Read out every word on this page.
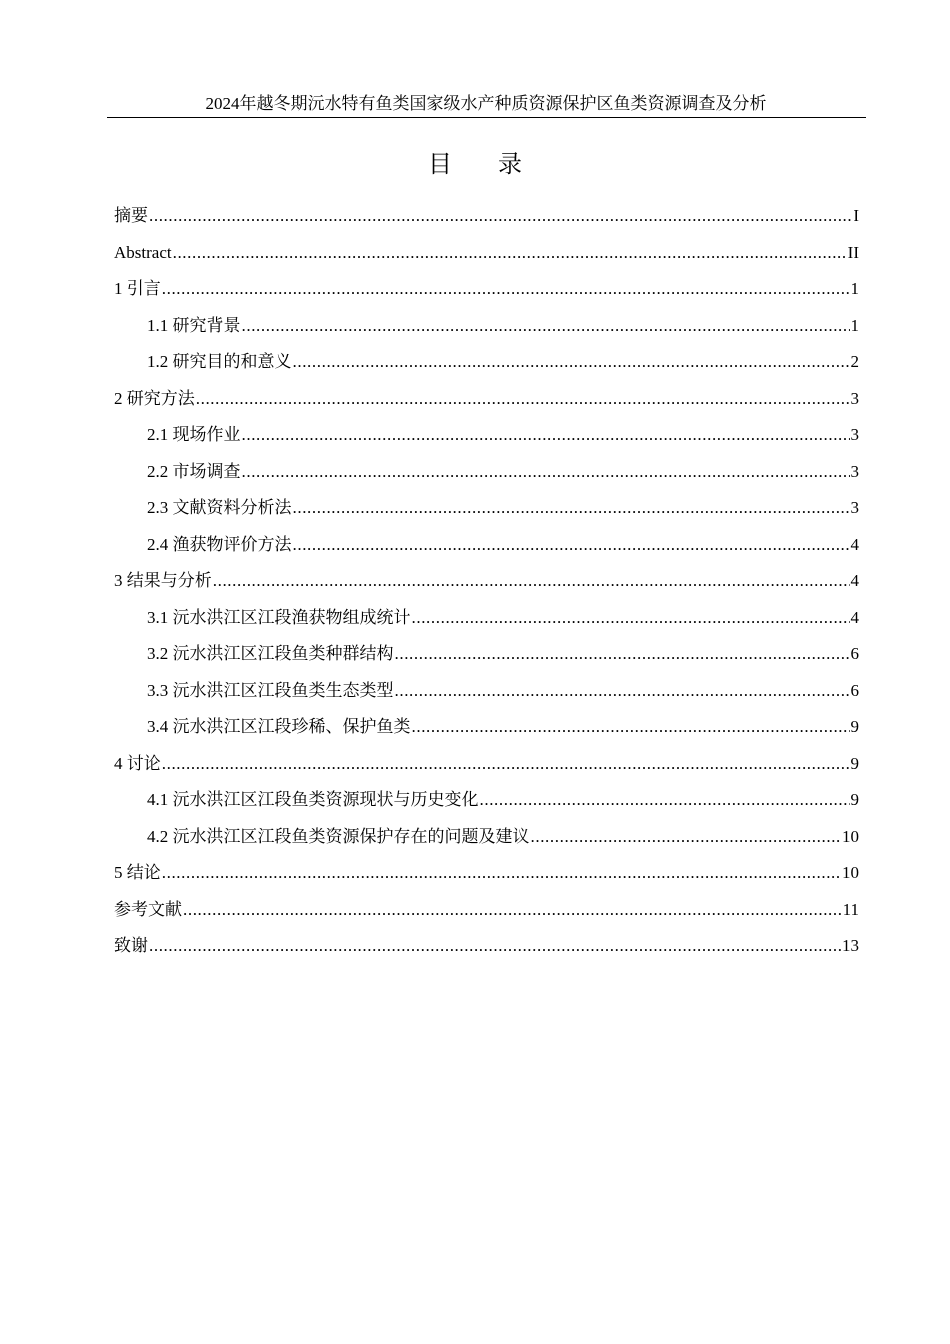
2024年越冬期沅水特有鱼类国家级水产种质资源保护区鱼类资源调查及分析
目录
摘要 .....	I
Abstract .....	II
1 引言 .....	1
1.1 研究背景 .....	1
1.2 研究目的和意义 .....	2
2 研究方法 .....	3
2.1 现场作业 .....	3
2.2 市场调查 .....	3
2.3 文献资料分析法 .....	3
2.4 渔获物评价方法 .....	4
3 结果与分析 .....	4
3.1 沅水洪江区江段渔获物组成统计 .....	4
3.2 沅水洪江区江段鱼类种群结构 .....	6
3.3 沅水洪江区江段鱼类生态类型 .....	6
3.4 沅水洪江区江段珍稀、保护鱼类 .....	9
4 讨论 .....	9
4.1 沅水洪江区江段鱼类资源现状与历史变化 .....	9
4.2 沅水洪江区江段鱼类资源保护存在的问题及建议 .....	10
5 结论 .....	10
参考文献 .....	11
致谢 .....	13
